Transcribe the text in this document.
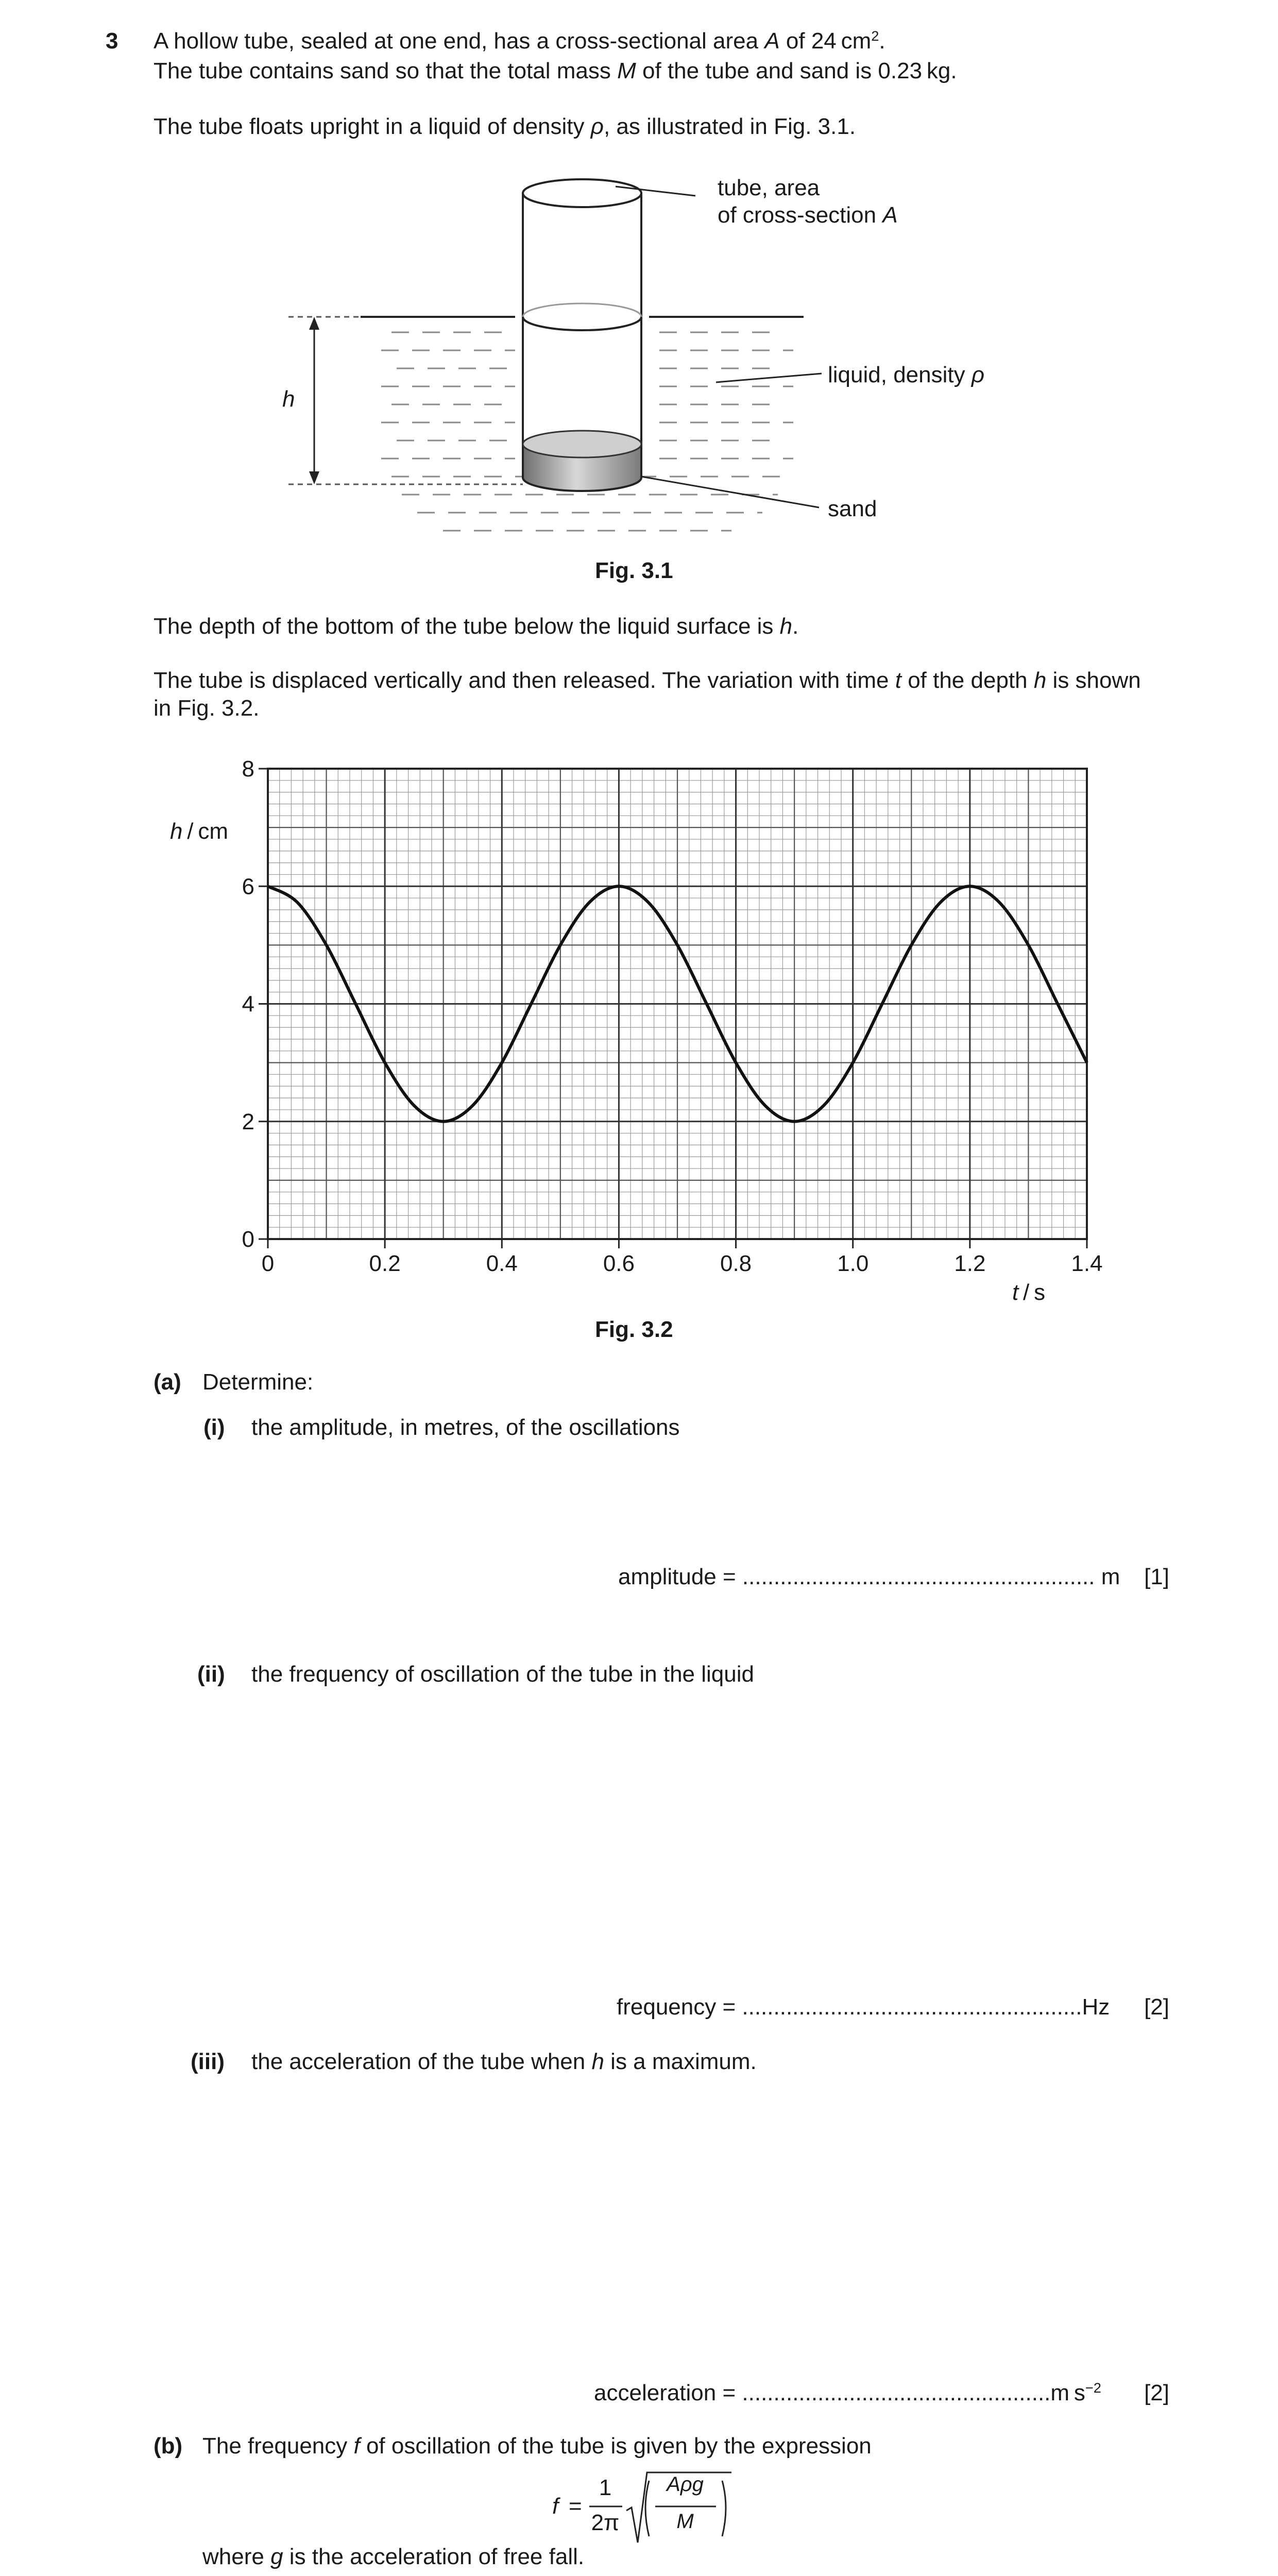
3 A hollow tube, sealed at one end, has a cross-sectional area A of 24 $cm^2$.
The tube contains sand so that the total mass M of the tube and sand is 0.23 kg.
The tube floats upright in a liquid of density ρ, as illustrated in Fig. 3.1.
tube, area
of cross-section A
liquid, density ρ
sand
h
Fig. 3.1
The depth of the bottom of the tube below the liquid surface is h.
The tube is displaced vertically and then released. The variation with time t of the depth h is shown
in Fig. 3.2.
0	0.2	0.4	0.6	0.8	1.0	1.2	1.4
0
2
4
6
8
h / cm
t / s
Fig. 3.2
(a) Determine:
(i) the amplitude, in metres, of the oscillations
amplitude = ........................................................ m	[1]
(ii) the frequency of oscillation of the tube in the liquid
frequency = ......................................................Hz	[2]
(iii) the acceleration of the tube when h is a maximum.
acceleration = .................................................m $s^{-2}$	[2]
(b) The frequency f of oscillation of the tube is given by the expression
f =
1
2π
Aρg
M
where g is the acceleration of free fall.
